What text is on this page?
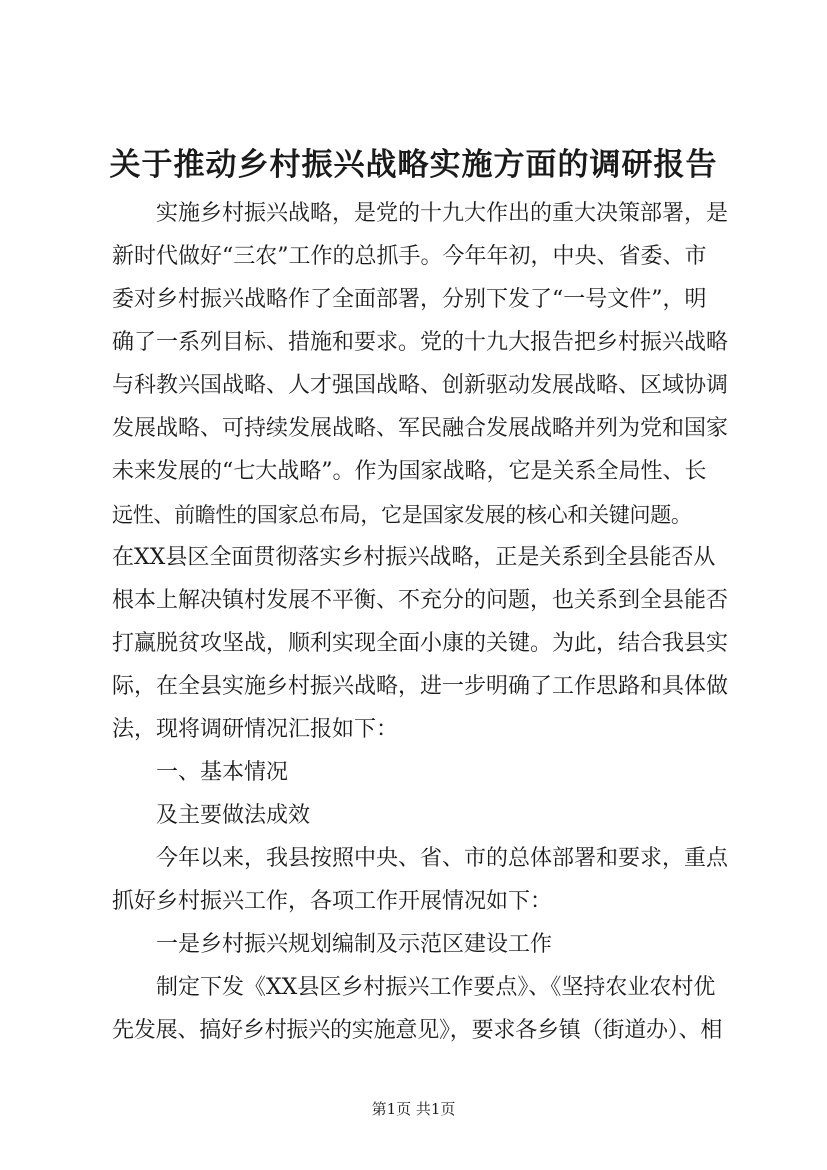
关于推动乡村振兴战略实施方面的调研报告
实施乡村振兴战略，是党的十九大作出的重大决策部署，是
新时代做好“三农”工作的总抓手。今年年初，中央、省委、市
委对乡村振兴战略作了全面部署，分别下发了“一号文件”，明
确了一系列目标、措施和要求。党的十九大报告把乡村振兴战略
与科教兴国战略、人才强国战略、创新驱动发展战略、区域协调
发展战略、可持续发展战略、军民融合发展战略并列为党和国家
未来发展的“七大战略”。作为国家战略，它是关系全局性、长
远性、前瞻性的国家总布局，它是国家发展的核心和关键问题。
在XX县区全面贯彻落实乡村振兴战略，正是关系到全县能否从
根本上解决镇村发展不平衡、不充分的问题，也关系到全县能否
打赢脱贫攻坚战，顺利实现全面小康的关键。为此，结合我县实
际，在全县实施乡村振兴战略，进一步明确了工作思路和具体做
法，现将调研情况汇报如下：
一、基本情况
及主要做法成效
今年以来，我县按照中央、省、市的总体部署和要求，重点
抓好乡村振兴工作，各项工作开展情况如下：
一是乡村振兴规划编制及示范区建设工作
制定下发《XX县区乡村振兴工作要点》、《坚持农业农村优
先发展、搞好乡村振兴的实施意见》，要求各乡镇（街道办）、相
第1页 共1页
